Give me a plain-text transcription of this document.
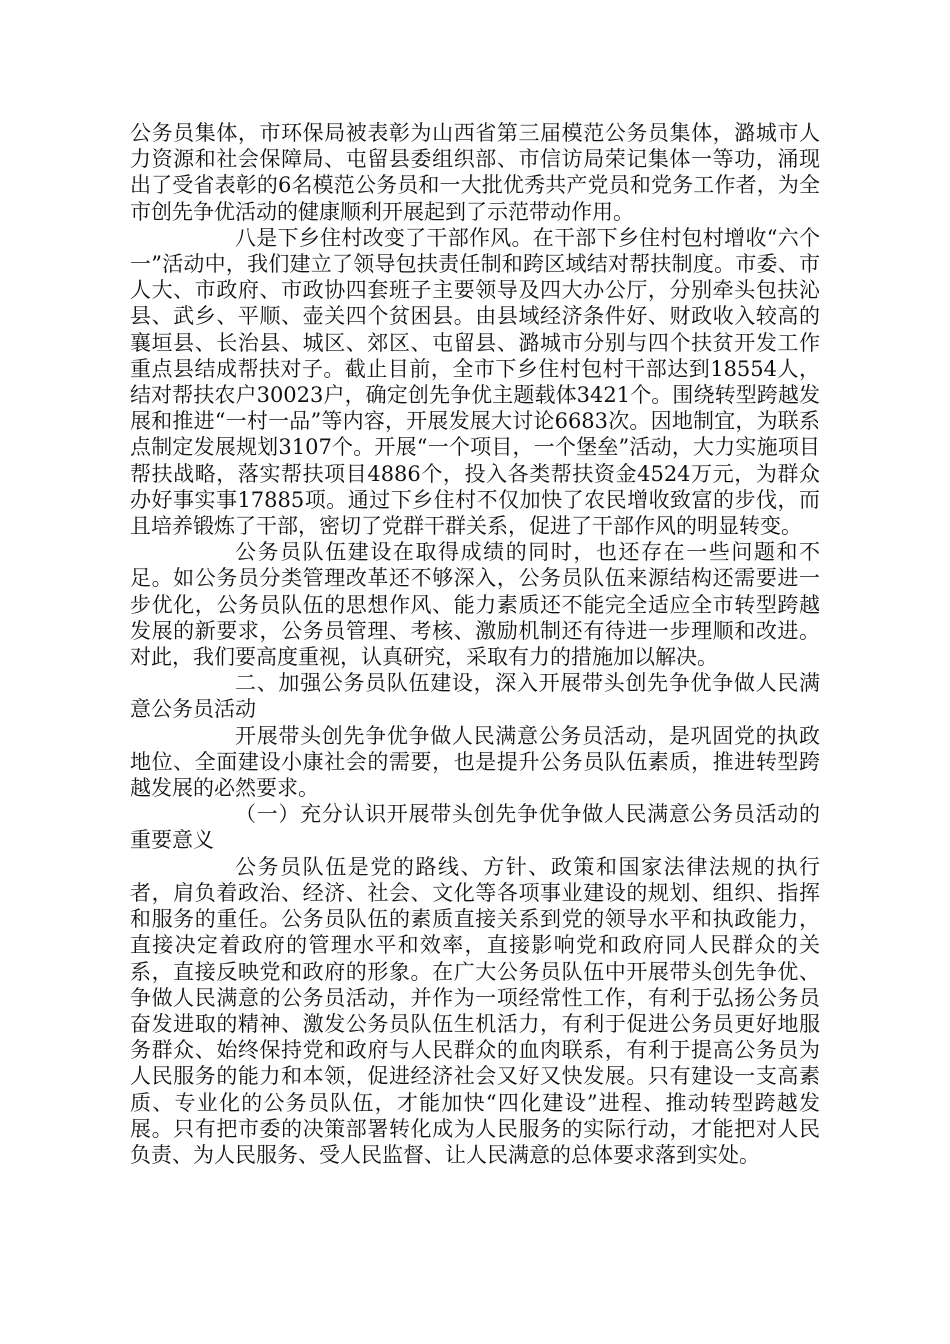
公务员集体，市环保局被表彰为山西省第三届模范公务员集体，潞城市人力资源和社会保障局、屯留县委组织部、市信访局荣记集体一等功，涌现出了受省表彰的6名模范公务员和一大批优秀共产党员和党务工作者，为全市创先争优活动的健康顺利开展起到了示范带动作用。

八是下乡住村改变了干部作风。在干部下乡住村包村增收“六个一”活动中，我们建立了领导包扶责任制和跨区域结对帮扶制度。市委、市人大、市政府、市政协四套班子主要领导及四大办公厅，分别牵头包扶沁县、武乡、平顺、壶关四个贫困县。由县域经济条件好、财政收入较高的襄垣县、长治县、城区、郊区、屯留县、潞城市分别与四个扶贫开发工作重点县结成帮扶对子。截止目前，全市下乡住村包村干部达到18554人，结对帮扶农户30023户，确定创先争优主题载体3421个。围绕转型跨越发展和推进“一村一品”等内容，开展发展大讨论6683次。因地制宜，为联系点制定发展规划3107个。开展“一个项目，一个堡垒”活动，大力实施项目帮扶战略，落实帮扶项目4886个，投入各类帮扶资金4524万元，为群众办好事实事17885项。通过下乡住村不仅加快了农民增收致富的步伐，而且培养锻炼了干部，密切了党群干群关系，促进了干部作风的明显转变。

公务员队伍建设在取得成绩的同时，也还存在一些问题和不足。如公务员分类管理改革还不够深入，公务员队伍来源结构还需要进一步优化，公务员队伍的思想作风、能力素质还不能完全适应全市转型跨越发展的新要求，公务员管理、考核、激励机制还有待进一步理顺和改进。对此，我们要高度重视，认真研究，采取有力的措施加以解决。

二、加强公务员队伍建设，深入开展带头创先争优争做人民满意公务员活动

开展带头创先争优争做人民满意公务员活动，是巩固党的执政地位、全面建设小康社会的需要，也是提升公务员队伍素质，推进转型跨越发展的必然要求。

（一）充分认识开展带头创先争优争做人民满意公务员活动的重要意义

公务员队伍是党的路线、方针、政策和国家法律法规的执行者，肩负着政治、经济、社会、文化等各项事业建设的规划、组织、指挥和服务的重任。公务员队伍的素质直接关系到党的领导水平和执政能力，直接决定着政府的管理水平和效率，直接影响党和政府同人民群众的关系，直接反映党和政府的形象。在广大公务员队伍中开展带头创先争优、争做人民满意的公务员活动，并作为一项经常性工作，有利于弘扬公务员奋发进取的精神、激发公务员队伍生机活力，有利于促进公务员更好地服务群众、始终保持党和政府与人民群众的血肉联系，有利于提高公务员为人民服务的能力和本领，促进经济社会又好又快发展。只有建设一支高素质、专业化的公务员队伍，才能加快“四化建设”进程、推动转型跨越发展。只有把市委的决策部署转化成为人民服务的实际行动，才能把对人民负责、为人民服务、受人民监督、让人民满意的总体要求落到实处。
